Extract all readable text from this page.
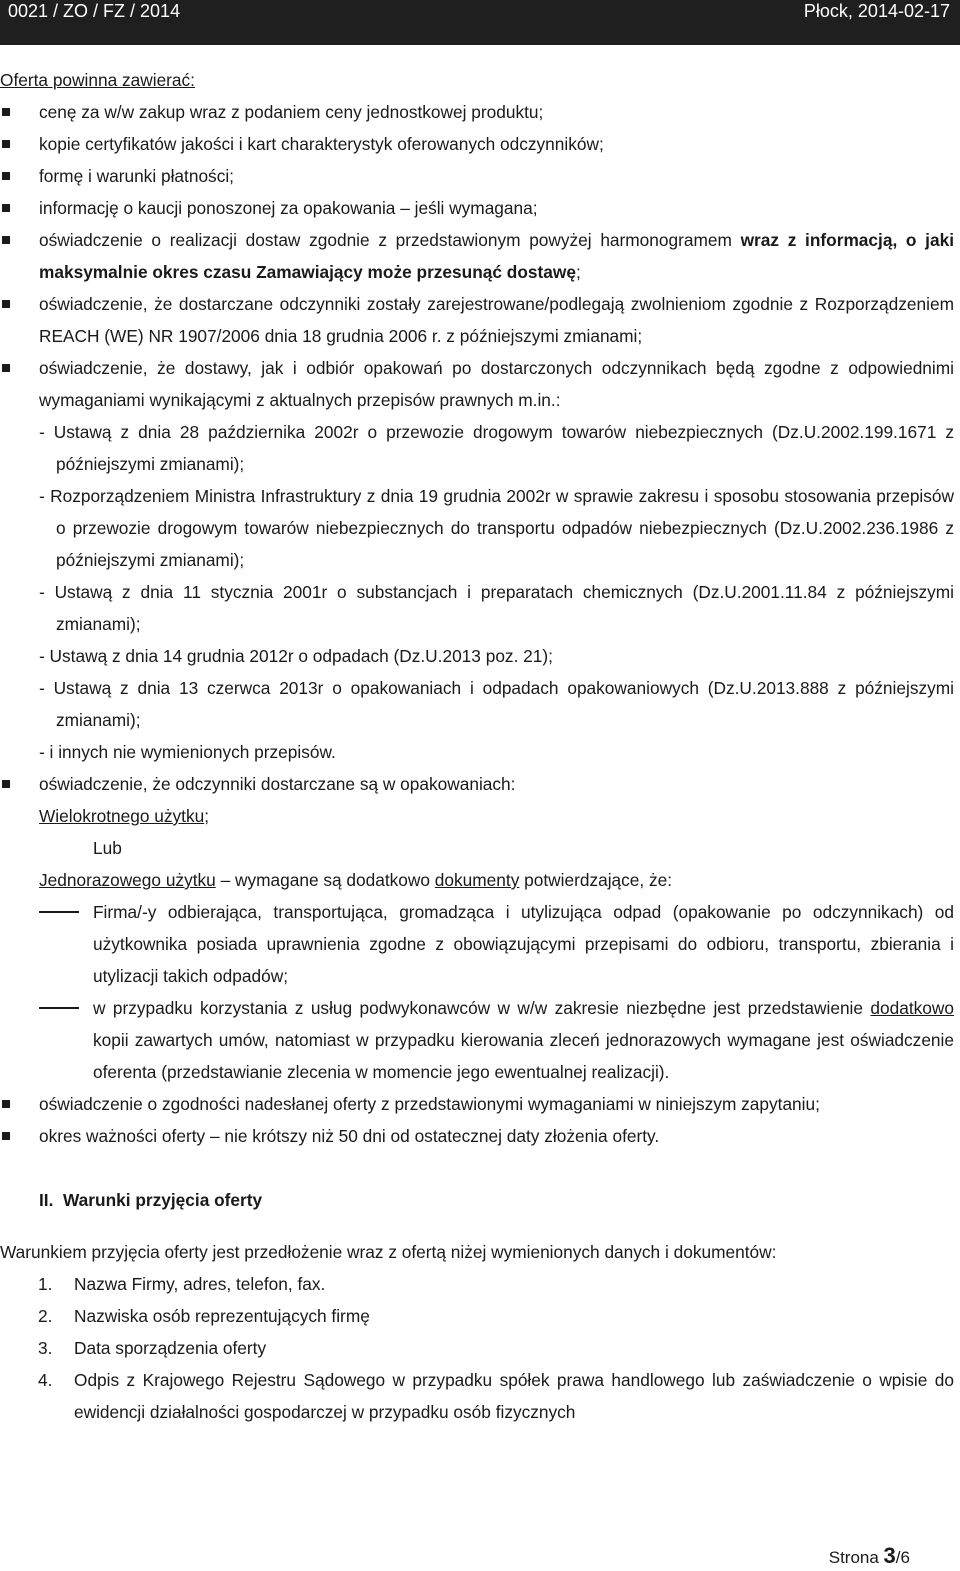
0021 / ZO / FZ / 2014	Płock, 2014-02-17
Oferta powinna zawierać:
cenę za w/w zakup wraz z podaniem ceny jednostkowej produktu;
kopie certyfikatów jakości i kart charakterystyk oferowanych odczynników;
formę i warunki płatności;
informację o kaucji ponoszonej za opakowania – jeśli wymagana;
oświadczenie o realizacji dostaw zgodnie z przedstawionym powyżej harmonogramem wraz z informacją, o jaki maksymalnie okres czasu Zamawiający może przesunąć dostawę;
oświadczenie, że dostarczane odczynniki zostały zarejestrowane/podlegają zwolnieniom zgodnie z Rozporządzeniem REACH (WE) NR 1907/2006 dnia 18 grudnia 2006 r. z późniejszymi zmianami;
oświadczenie, że dostawy, jak i odbiór opakowań po dostarczonych odczynnikach będą zgodne z odpowiednimi wymaganiami wynikającymi z aktualnych przepisów prawnych m.in.:
- Ustawą z dnia 28 października 2002r o przewozie drogowym towarów niebezpiecznych (Dz.U.2002.199.1671 z późniejszymi zmianami);
- Rozporządzeniem Ministra Infrastruktury z dnia 19 grudnia 2002r w sprawie zakresu i sposobu stosowania przepisów o przewozie drogowym towarów niebezpiecznych do transportu odpadów niebezpiecznych (Dz.U.2002.236.1986 z późniejszymi zmianami);
- Ustawą z dnia 11 stycznia 2001r o substancjach i preparatach chemicznych (Dz.U.2001.11.84 z późniejszymi zmianami);
- Ustawą z dnia 14 grudnia 2012r o odpadach (Dz.U.2013 poz. 21);
- Ustawą z dnia 13 czerwca 2013r o opakowaniach i odpadach opakowaniowych (Dz.U.2013.888 z późniejszymi zmianami);
- i innych nie wymienionych przepisów.
oświadczenie, że odczynniki dostarczane są w opakowaniach:
Wielokrotnego użytku;
Lub
Jednorazowego użytku – wymagane są dodatkowo dokumenty potwierdzające, że:
Firma/-y odbierająca, transportująca, gromadząca i utylizująca odpad (opakowanie po odczynnikach) od użytkownika posiada uprawnienia zgodne z obowiązującymi przepisami do odbioru, transportu, zbierania i utylizacji takich odpadów;
w przypadku korzystania z usług podwykonawców w w/w zakresie niezbędne jest przedstawienie dodatkowo kopii zawartych umów, natomiast w przypadku kierowania zleceń jednorazowych wymagane jest oświadczenie oferenta (przedstawianie zlecenia w momencie jego ewentualnej realizacji).
oświadczenie o zgodności nadesłanej oferty z przedstawionymi wymaganiami w niniejszym zapytaniu;
okres ważności oferty – nie krótszy niż 50 dni od ostatecznej daty złożenia oferty.
II. Warunki przyjęcia oferty
Warunkiem przyjęcia oferty jest przedłożenie wraz z ofertą niżej wymienionych danych i dokumentów:
1. Nazwa Firmy, adres, telefon, fax.
2. Nazwiska osób reprezentujących firmę
3. Data sporządzenia oferty
4. Odpis z Krajowego Rejestru Sądowego w przypadku spółek prawa handlowego lub zaświadczenie o wpisie do ewidencji działalności gospodarczej w przypadku osób fizycznych
Strona 3/6
